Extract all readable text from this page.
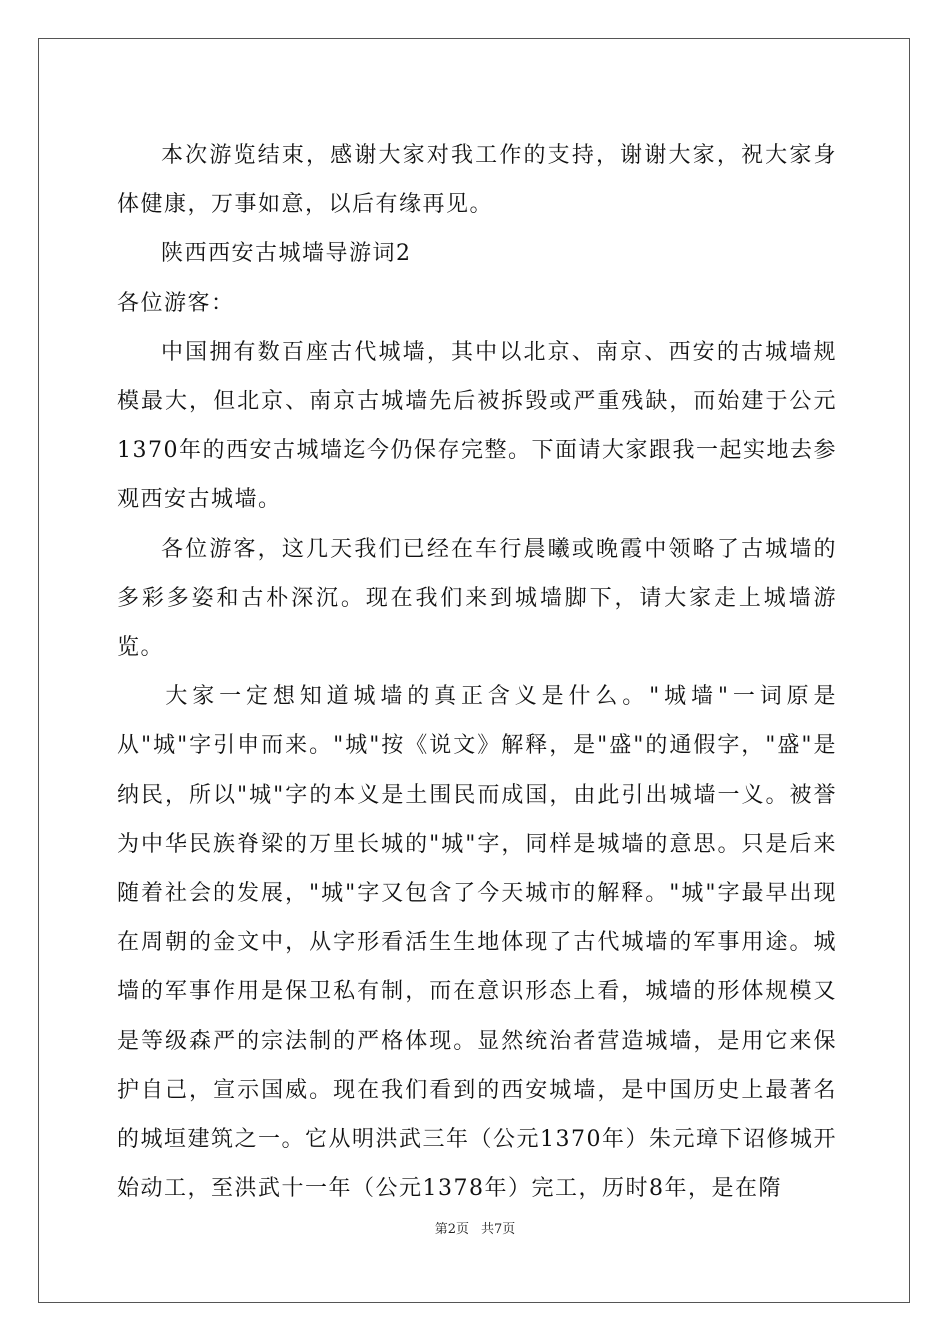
本次游览结束，感谢大家对我工作的支持，谢谢大家，祝大家身体健康，万事如意，以后有缘再见。

陕西西安古城墙导游词2

各位游客：

中国拥有数百座古代城墙，其中以北京、南京、西安的古城墙规模最大，但北京、南京古城墙先后被拆毁或严重残缺，而始建于公元1370年的西安古城墙迄今仍保存完整。下面请大家跟我一起实地去参观西安古城墙。

各位游客，这几天我们已经在车行晨曦或晚霞中领略了古城墙的多彩多姿和古朴深沉。现在我们来到城墙脚下，请大家走上城墙游览。

大家一定想知道城墙的真正含义是什么。"城墙"一词原是从"城"字引申而来。"城"按《说文》解释，是"盛"的通假字，"盛"是纳民，所以"城"字的本义是土围民而成国，由此引出城墙一义。被誉为中华民族脊梁的万里长城的"城"字，同样是城墙的意思。只是后来随着社会的发展，"城"字又包含了今天城市的解释。"城"字最早出现在周朝的金文中，从字形看活生生地体现了古代城墙的军事用途。城墙的军事作用是保卫私有制，而在意识形态上看，城墙的形体规模又是等级森严的宗法制的严格体现。显然统治者营造城墙，是用它来保护自己，宣示国威。现在我们看到的西安城墙，是中国历史上最著名的城垣建筑之一。它从明洪武三年（公元1370年）朱元璋下诏修城开始动工，至洪武十一年（公元1378年）完工，历时8年，是在隋

第2页 共7页
